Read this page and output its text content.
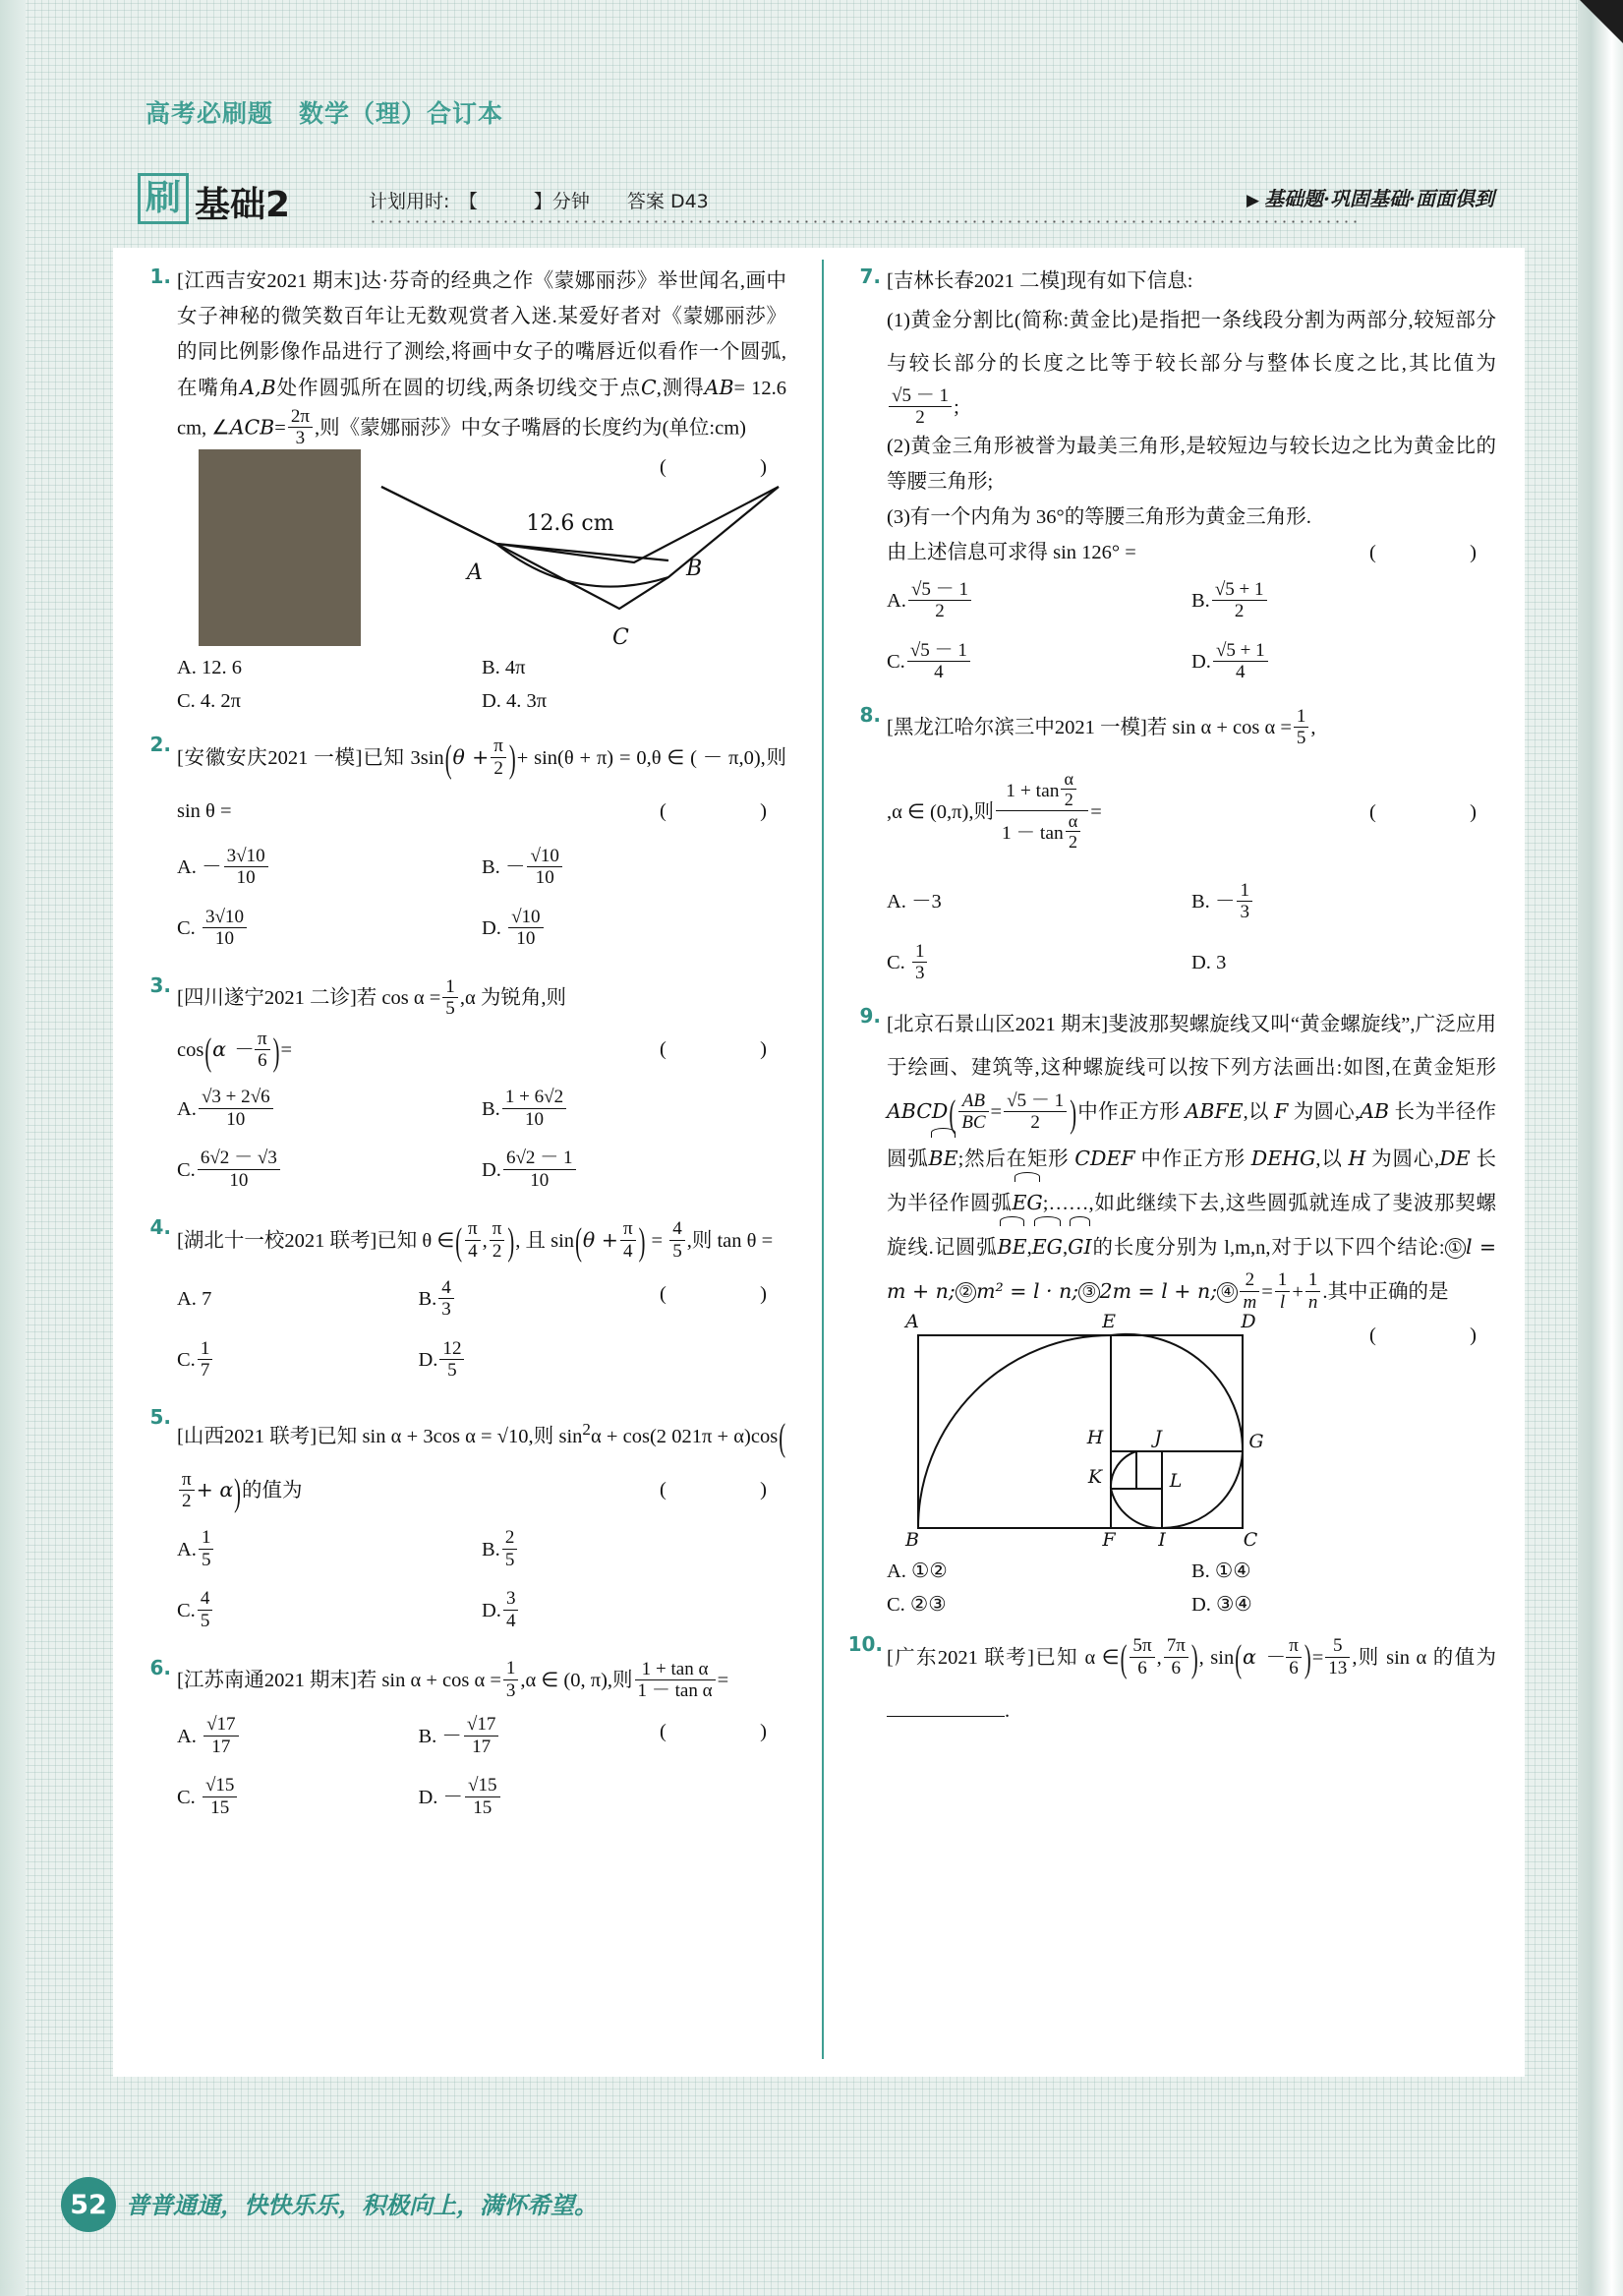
高考必刷题　数学（理）合订本
刷 基础2	计划用时:　【　　　】分钟　　答案 D43	▶ 基础题·巩固基础·面面俱到
1. [江西吉安2021 期末]达·芬奇的经典之作《蒙娜丽莎》举世闻名,画中女子神秘的微笑数百年让无数观赏者入迷.某爱好者对《蒙娜丽莎》的同比例影像作品进行了测绘,将画中女子的嘴唇近似看作一个圆弧,在嘴角A,B处作圆弧所在圆的切线,两条切线交于点C,测得AB= 12.6 cm, ∠ACB= $\frac{2\pi}{3}$ ,则《蒙娜丽莎》中女子嘴唇的长度约为(单位:cm)
(   )
12.6 cm
A	B
C
A. 12. 6	B. 4π
C. 4. 2π	D. 4. 3π
2.
[安徽安庆2021 一模]已知 $3\sin(\theta + \frac{\pi}{2}$ )+ sin(θ + π) = 0,θ ∈ ( － π,0),则 sin θ =	(   )
A. － $\frac{3√10}{10}$	B. － $\frac{√10}{10}$
C. $\frac{3√10}{10}$	D. $\frac{√10}{10}$
3.
[四川遂宁2021 二诊]若 $\cos \alpha = \frac{1}{5} ,\alpha$ 为锐角,则
$\cos(\alpha - \frac{\pi}{6}$ )=	(   )
A. $\frac{√3 + 2√6}{10}$	B. $\frac{1 + 6√2}{10}$
C. $\frac{6√2 - √3}{10}$	D. $\frac{6√2 - 1}{10}$
4.
[湖北十一校2021 联考]已知 θ ∈( $\frac{\pi}{4}$ , $\frac{\pi}{2}$ ), 且 $\sin(\theta + \frac{\pi}{4}$ ) = $\frac{4}{5}$ ,则 tan θ =
(   )
A. 7	B. $\frac{4}{3}$
C. $\frac{1}{7}$	D. $\frac{12}{5}$
5.
[山西2021 联考]已知 sin α + 3cos α = √10,则 $\sin^2\alpha + \cos(2$ 021π + α)cos(
$\frac{\pi}{2} + \alpha$)的值为	(   )
A. $\frac{1}{5}$	B. $\frac{2}{5}$
C. $\frac{4}{5}$	D. $\frac{3}{4}$
6.
[江苏南通2021 期末]若 $\sin \alpha + \cos \alpha = \frac{1}{3} ,\alpha$ ∈ (0, π),则 $\frac{\text{1 + tan α}}{\text{1 － tan α}}$ =
(   )
A. $\frac{√17}{17}$	B. － $\frac{√17}{17}$
C. $\frac{√15}{15}$	D. － $\frac{√15}{15}$
7. [吉林长春2021 二模]现有如下信息:
(1)黄金分割比(简称:黄金比)是指把一条线段分割为两部分,较短部分与较长部分的长度之比等于较长部分与整体长度之比,其比值为
$\frac{√5 - 1}{2}$ ;
(2)黄金三角形被誉为最美三角形,是较短边与较长边之比为黄金比的等腰三角形;
(3)有一个内角为 36°的等腰三角形为黄金三角形.
由上述信息可求得 sin 126° =	(   )
A. $\frac{√5 - 1}{2}$	B. $\frac{√5 + 1}{2}$
C. $\frac{√5 - 1}{4}$	D. $\frac{√5 + 1}{4}$
8.
[黑龙江哈尔滨三中2021 一模]若 $\sin \alpha + \cos \alpha = \frac{1}{5}$ ,
,α ∈ (0,π),则 $\frac{1 + \tan \frac{\alpha}{2}}{1 - \tan \frac{\alpha}{2}}$ =	(   )
A. －3	B. － $\frac{1}{3}$
C. $\frac{1}{3}$	D. 3
9. [北京石景山区2021 期末]斐波那契螺旋线又叫“黄金螺旋线”,广泛应用于绘画、建筑等,这种螺旋线可以按下列方法画出:如图,在黄金矩形 ABCD( $\frac{AB}{BC} = \frac{√5 - 1}{2}$ )中作正方形 ABFE,以 F 为圆心,AB 长为半径作圆弧BE;然后在矩形 CDEF 中作正方形 DEHG,以 H 为圆心,DE 长为半径作圆弧EG;……,如此继续下去,这些圆弧就连成了斐波那契螺旋线.记圆弧BE,EG,GI的长度分别为 l,m,n,对于以下四个结论: ① l = m + n; ② m² = l · n; ③ 2m = l + n; ④ $\frac{2}{m} = \frac{1}{l} + \frac{1}{n}$ .其中正确的是
(   )
A	E	D
H	J	G
K	L
B	F I	C
A. ①②	B. ①④
C. ②③	D. ③④
10.
[广东2021 联考]已知 α ∈( $\frac{5\pi}{6}$ , $\frac{7\pi}{6}$ ), $\sin(\alpha - \frac{\pi}{6}$ )= $\frac{5}{13}$ ,则 sin α 的值为.
52 普普通通，快快乐乐，积极向上，满怀希望。
